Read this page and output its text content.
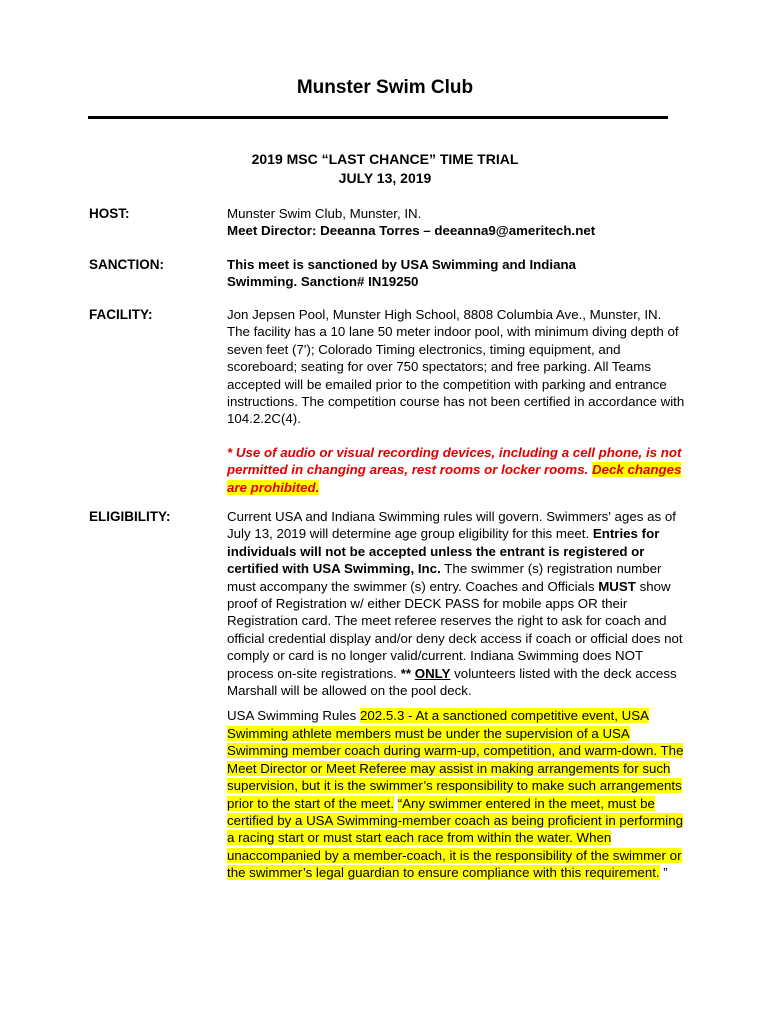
Munster Swim Club
2019 MSC “LAST CHANCE” TIME TRIAL
JULY 13, 2019
HOST:	Munster Swim Club, Munster, IN.

Meet Director: Deeanna Torres – deeanna9@ameritech.net

SANCTION:	This meet is sanctioned by USA Swimming and Indiana Swimming. Sanction# IN19250
FACILITY:	Jon Jepsen Pool, Munster High School, 8808 Columbia Ave., Munster, IN. The facility has a 10 lane 50 meter indoor pool, with minimum diving depth of seven feet (7'); Colorado Timing electronics, timing equipment, and scoreboard; seating for over 750 spectators; and free parking. All Teams accepted will be emailed prior to the competition with parking and entrance instructions. The competition course has not been certified in accordance with 104.2.2C(4).

* Use of audio or visual recording devices, including a cell phone, is not permitted in changing areas, rest rooms or locker rooms. Deck changes are prohibited.

ELIGIBILITY:	Current USA and Indiana Swimming rules will govern. Swimmers' ages as of July 13, 2019 will determine age group eligibility for this meet. Entries for individuals will not be accepted unless the entrant is registered or certified with USA Swimming, Inc. The swimmer (s) registration number must accompany the swimmer (s) entry. Coaches and Officials MUST show proof of Registration w/ either DECK PASS for mobile apps OR their Registration card. The meet referee reserves the right to ask for coach and official credential display and/or deny deck access if coach or official does not comply or card is no longer valid/current. Indiana Swimming does NOT process on-site registrations. ** ONLY volunteers listed with the deck access Marshall will be allowed on the pool deck.

USA Swimming Rules 202.5.3 - At a sanctioned competitive event, USA Swimming athlete members must be under the supervision of a USA Swimming member coach during warm-up, competition, and warm-down. The Meet Director or Meet Referee may assist in making arrangements for such supervision, but it is the swimmer’s responsibility to make such arrangements prior to the start of the meet. “Any swimmer entered in the meet, must be certified by a USA Swimming-member coach as being proficient in performing a racing start or must start each race from within the water. When unaccompanied by a member-coach, it is the responsibility of the swimmer or the swimmer’s legal guardian to ensure compliance with this requirement. ”
